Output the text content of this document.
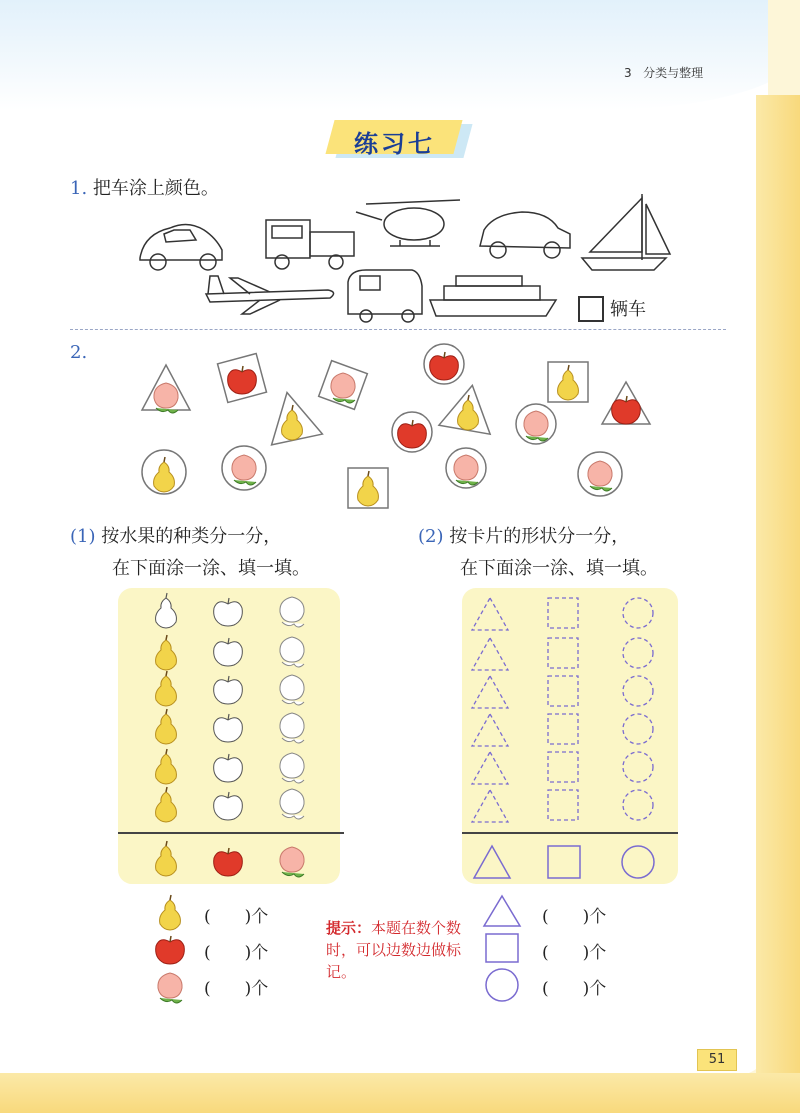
3 分类与整理
练习七
1. 把车涂上颜色。
辆车
2.
(1) 按水果的种类分一分，
在下面涂一涂、填一填。
(2) 按卡片的形状分一分，
在下面涂一涂、填一填。
(　　)个
(　　)个
(　　)个
(　　)个
(　　)个
(　　)个
提示：本题在数个数时，可以边数边做标记。
51
